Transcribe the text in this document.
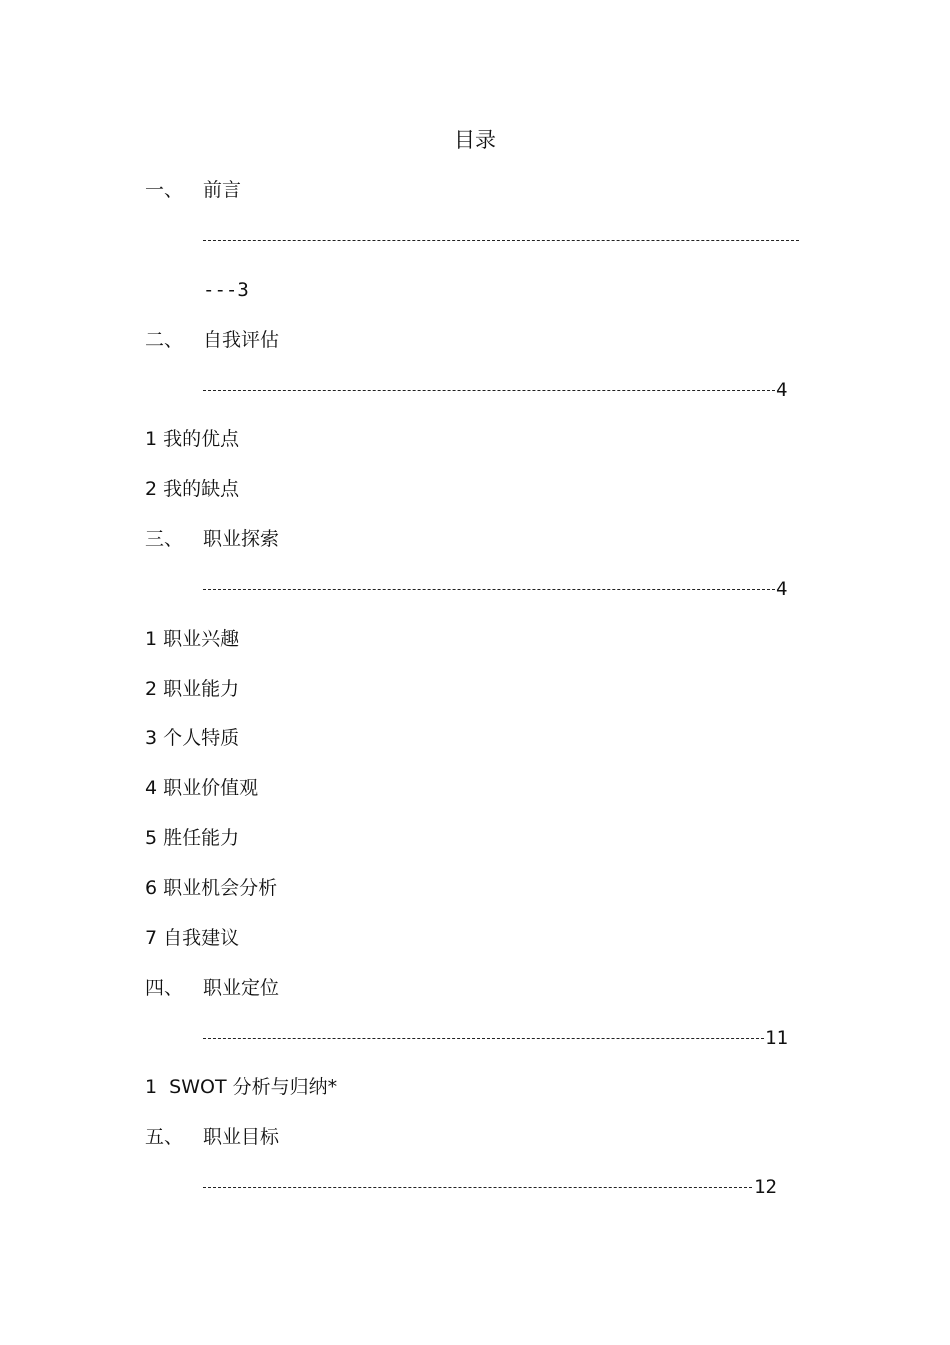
目录
一、 前言
---3
二、 自我评估
4
1 我的优点
2 我的缺点
三、 职业探索
4
1 职业兴趣
2 职业能力
3 个人特质
4 职业价值观
5 胜任能力
6 职业机会分析
7 自我建议
四、 职业定位
11
1  SWOT 分析与归纳*
五、 职业目标
12
